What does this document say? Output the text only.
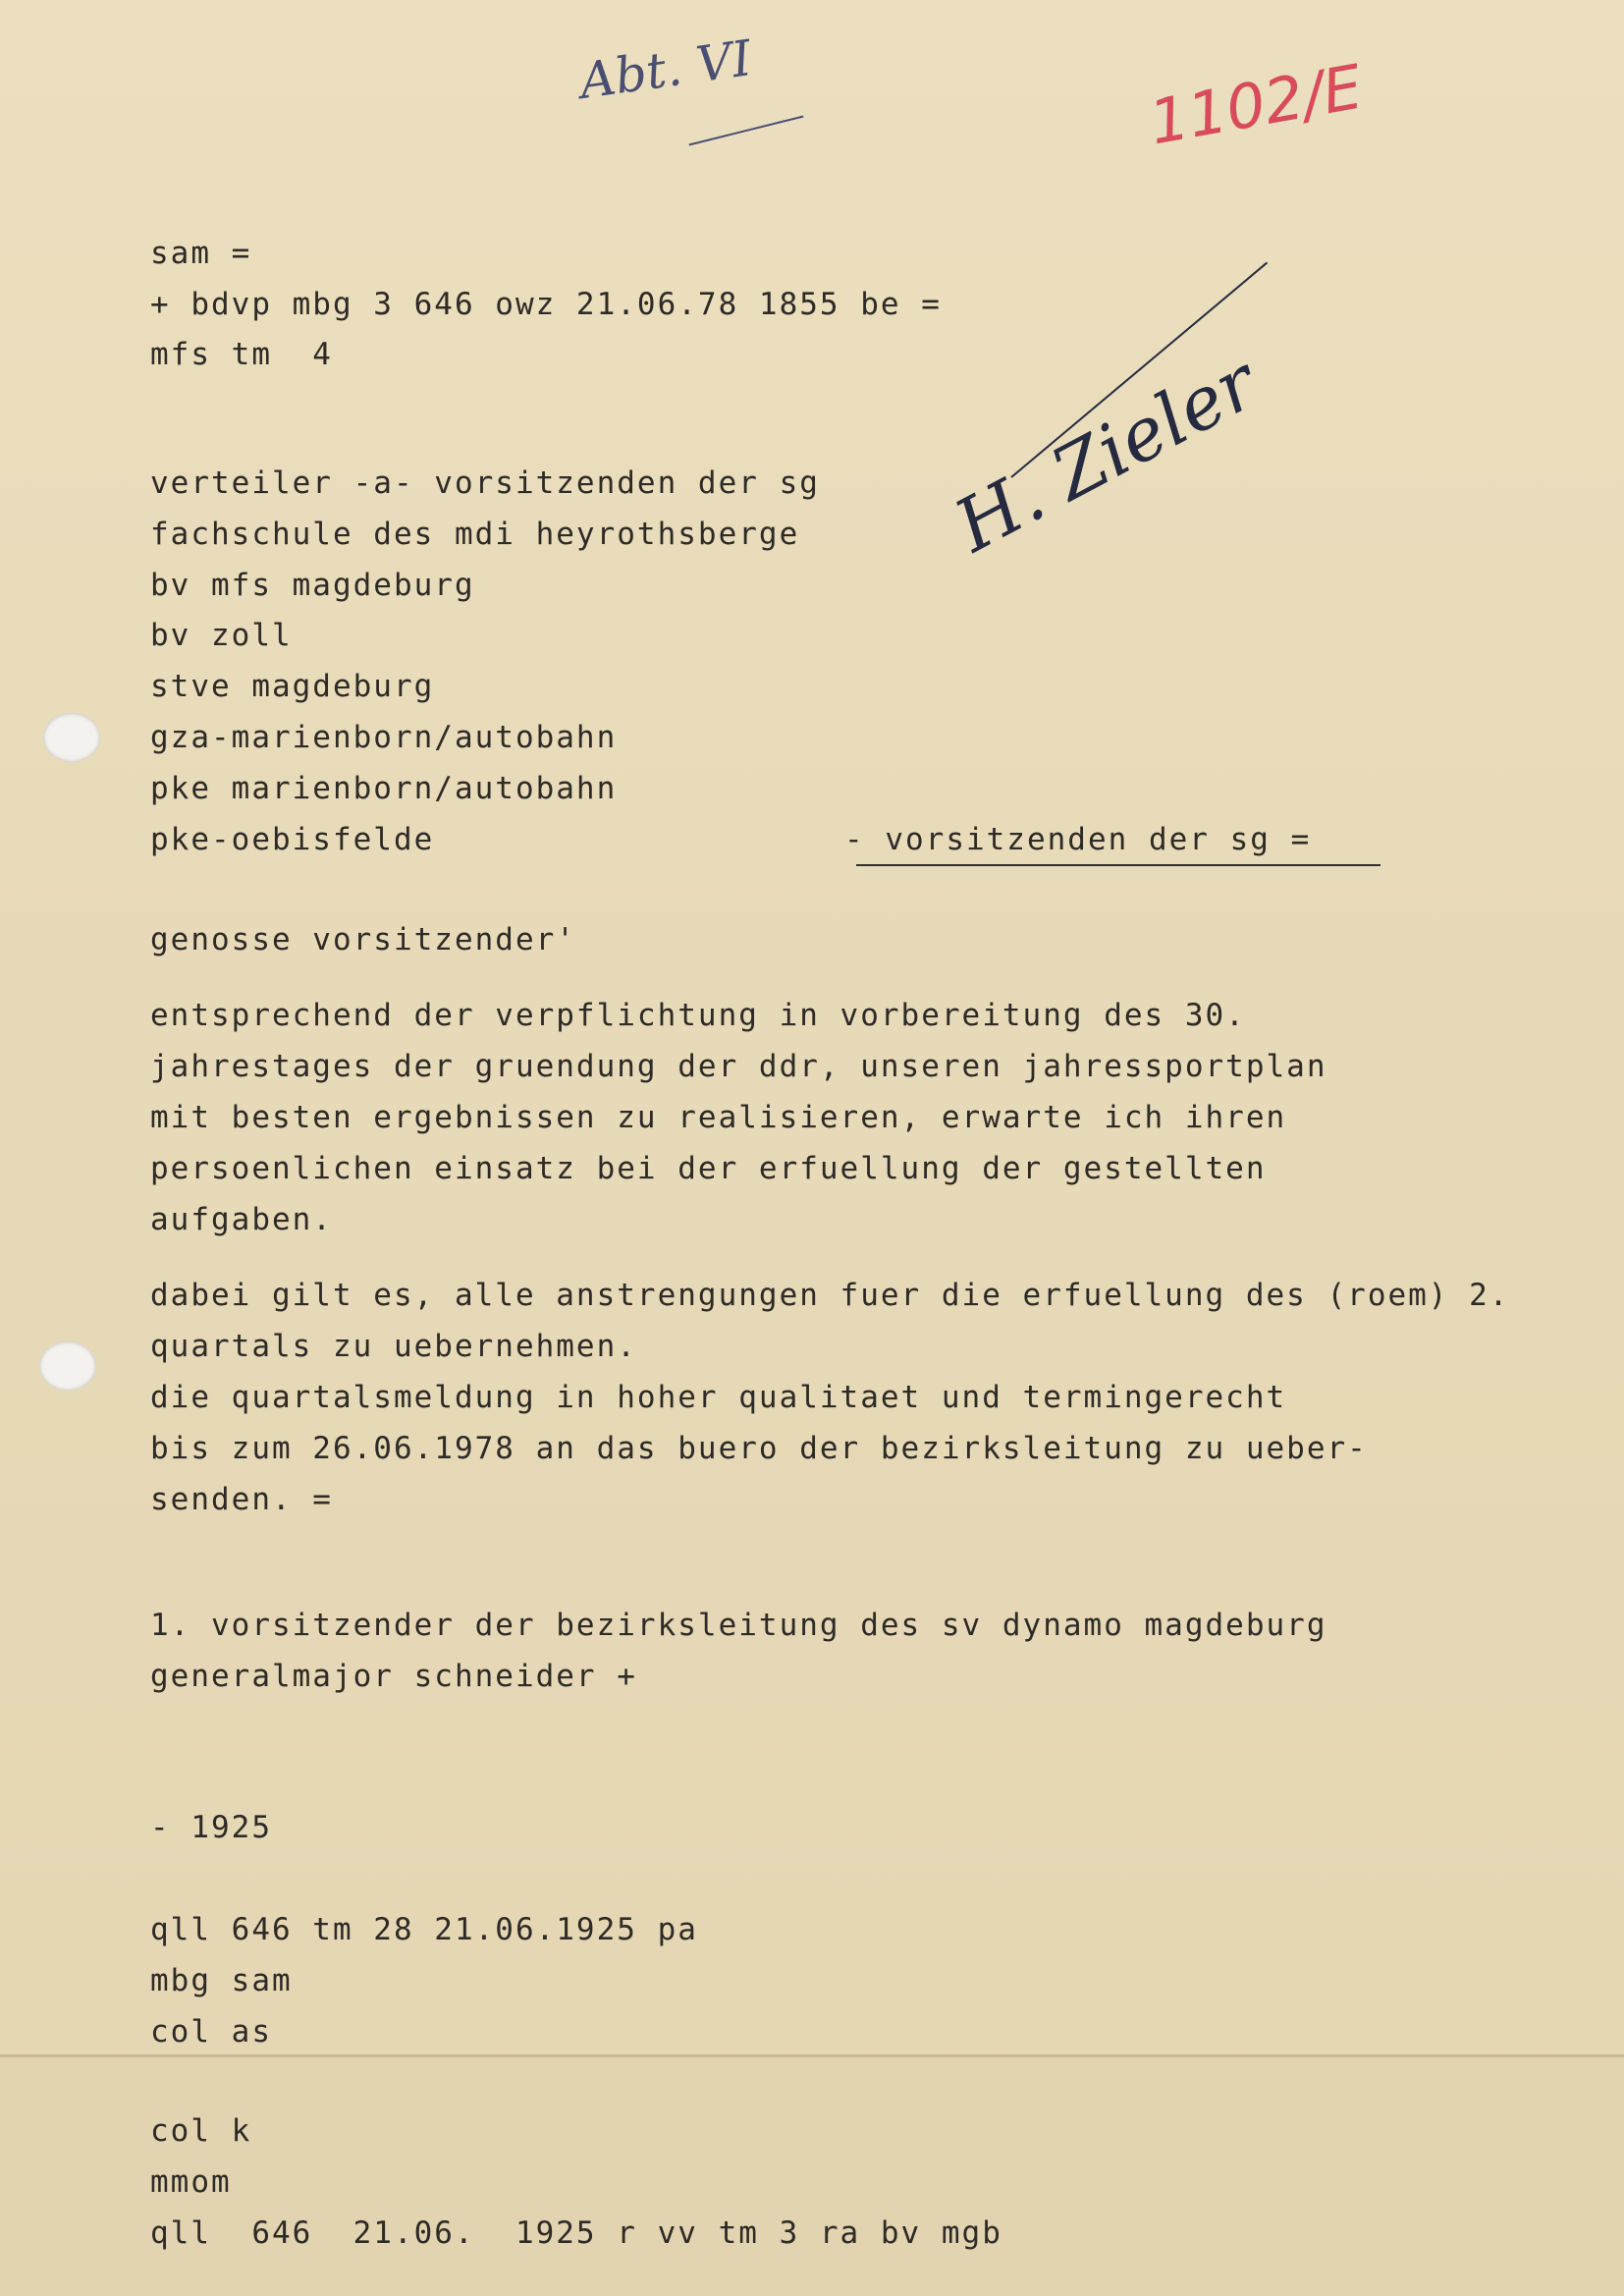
Abt. VI	1102/E
H. Zieler
sam =
+ bdvp mbg 3 646 owz 21.06.78 1855 be =
mfs tm  4
verteiler -a- vorsitzenden der sg
fachschule des mdi heyrothsberge
bv mfs magdeburg
bv zoll
stve magdeburg
gza-marienborn/autobahn
pke marienborn/autobahn
pke-oebisfelde	- vorsitzenden der sg =
genosse vorsitzender'
entsprechend der verpflichtung in vorbereitung des 30.
jahrestages der gruendung der ddr, unseren jahressportplan
mit besten ergebnissen zu realisieren, erwarte ich ihren
persoenlichen einsatz bei der erfuellung der gestellten
aufgaben.
dabei gilt es, alle anstrengungen fuer die erfuellung des (roem) 2.
quartals zu uebernehmen.
die quartalsmeldung in hoher qualitaet und termingerecht
bis zum 26.06.1978 an das buero der bezirksleitung zu ueber-
senden. =
1. vorsitzender der bezirksleitung des sv dynamo magdeburg
generalmajor schneider +
- 1925
qll 646 tm 28 21.06.1925 pa
mbg sam
col as
col k
mmom
qll  646  21.06.  1925 r vv tm 3 ra bv mgb
